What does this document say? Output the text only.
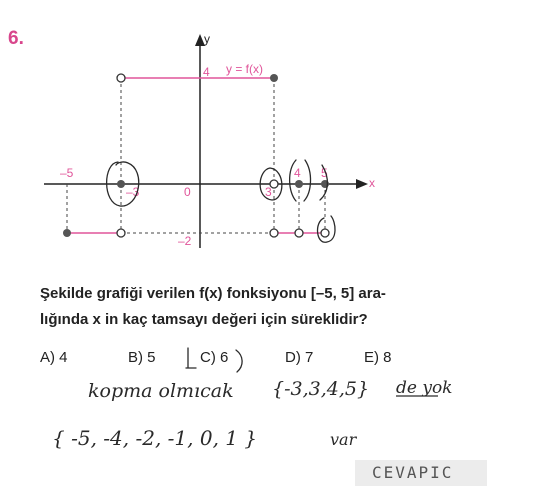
6.
–5
–3	0	3
4 5
4
–2
y = f(x)
x
y
Şekilde grafiği verilen f(x) fonksiyonu [–5, 5] ara-
lığında x in kaç tamsayı değeri için süreklidir?
A) 4	B) 5	C) 6	D) 7	E) 8
kopma olmıcak {-3,3,4,5} de yok
{ -5, -4, -2, -1, 0, 1 }	var
CEVAPIC
